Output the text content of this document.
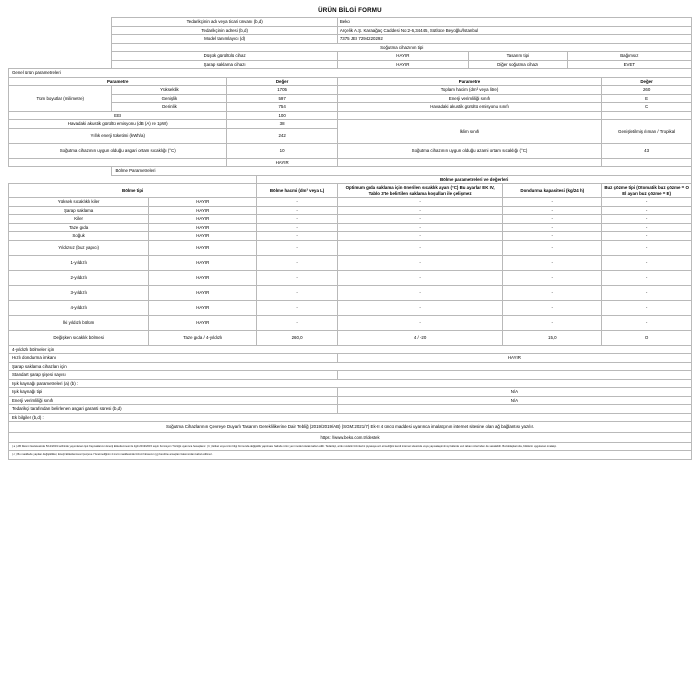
ÜRÜN BİLGİ FORMU
	Tedarikçinin adı veya ticari ünvanı (b,d)				Beko				
	Tedarikçinin adresi (b,d)				Arçelik A.Ş. Karaağaç Caddesi No:2-6,34445, Sütlüce Beyoğlu/İstanbul				
	Model tanımlayıcı (d)				7375 JEI 7294220292				
	Soğutma cihazının tipi								
	Düşük gürültülü cihaz				HAYIR	Tasarım tipi		Bağımsız	
	Şarap saklama cihazı				HAYIR	Diğer soğutma cihazı		EVET	
Genel ürün parametreleri									
Parametre			Değer		Parametre				Değer
Tüm boyutlar (milimetre)	Yükseklik		1705		Toplam hacim (dm³ veya litre)				260
	Genişlik		597		Enerji verimliliği sınıfı				E
	Derinlik		754		Havadaki akustik gürültü emisyonu sınıfı				C
EEI			100						
Havadaki akustik gürültü emisyonu (dB (A) re 1pW)			38		İklim sınıfı				Genişletilmiş ılıman / Tropikal
Yıllık enerji tüketimi (kWh/a)			242						
Soğutma cihazının uygun olduğu asgari ortam sıcaklığı (°C)			10		Soğutma cihazının uygun olduğu azami ortam sıcaklığı (°C)				43
			HAYIR						
	Bölme Parametreleri								
				Bölme parametreleri ve değerleri					
Bölme tipi				Bölme hacmi (dm³ veya L)	Optimum gıda saklama için önerilen sıcaklık ayarı (°C) Bu ayarlar EK IV, Tablo 3'te belirtilen saklama koşulları ile çelişmez		Dondurma kapasitesi (kg/24 h)		Buz çözme tipi (Otomatik buz çözme = O El ayarı buz çözme = E)
Yüksek sıcaklıklı kiler		HAYIR		-	-		-		-
Şarap saklama		HAYIR		-	-		-		-
Kiler		HAYIR		-	-		-		-
Taze gıda		HAYIR		-	-		-		-
Soğuk		HAYIR		-	-		-		-
Yıldızsız (buz yapıcı)		HAYIR		-	-		-		-
1-yıldızlı		HAYIR		-	-		-		-
2-yıldızlı		HAYIR		-	-		-		-
3-yıldızlı		HAYIR		-	-		-		-
4-yıldızlı		HAYIR		-	-		-		-
İki yıldızlı bölüm		HAYIR		-	-		-		-
Değişken sıcaklık bölmesi		Taze gıda / 4-yıldızlı		260,0	4 / -20		15,0		O
4-yıldızlı bölmeler için									
Hızlı dondurma imkanı					HAYIR				
Şarap saklama cihazları için									
Standart şarap şişesi sayısı									
Işık kaynağı parametreleri (a) (b) :									
Işık kaynağı tipi					N/A				
Enerji verimliliği sınıfı					N/A				
Tedarikçi tarafından belirlenen asgari garanti süresi (b,d)									
Ek bilgiler (b,d) :									
Soğutma Cihazlarının Çevreye Duyarlı Tasarım Gereklilikerine Dair Tebliğ (2019/2019/AB) (SGM:2021/7) Ek-II 4 üncü maddesi uyarınca imalatçının internet sitesine olan ağ bağlantısı yazılır.									
https: //www.beko.com.tr/destek									
( a ) AB Resmi Gazetesinde 5/12/2019 tarihinde yayımlanan Işık Kaynaklarının Enerji Etiketlenmesi ile ilgili 2019/2015 sayılı Komisyon Tüzüğü uyarınca hesaplanır. ( b ) Etiket veya ürün bilgi formunda değişiklik yapılması halinde ürün yeni model olarak kabul edilir. Tedarikçi, artık modelin birimlerini piyasaya arz etmediğini kendi internet sitesinde veya yapısalaştırılmış hallerde veri tabanı üzerinden de saralabilir. Buzdolaplarında, bitkilerin uygulanan imalatçı.									
( c ) Bu maddede yapılan değişiklikler, Enerji Etiketlenmesi Çerçeve Yönetmeliğinin 4 üncü maddesinde birinci fıkrasının (g) bendine amaçları bakımından kabul edilmez.									
